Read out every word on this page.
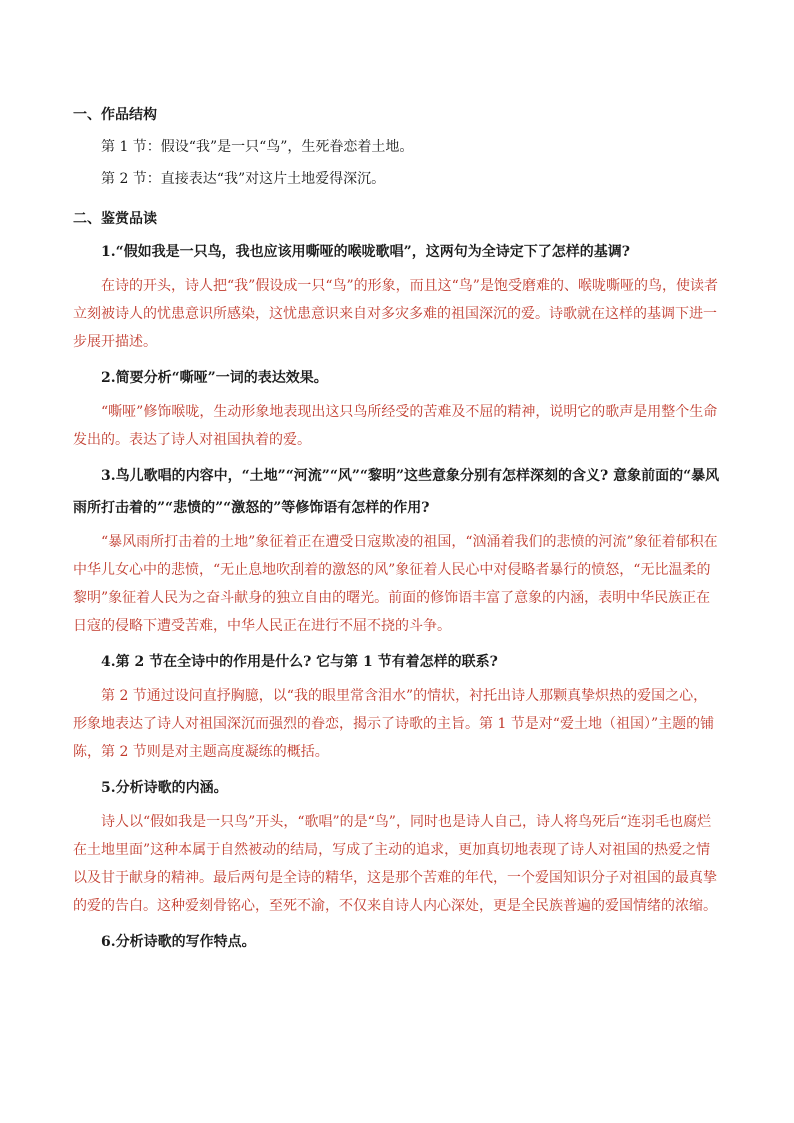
一、作品结构

第 1 节：假设“我”是一只“鸟”，生死眷恋着土地。

第 2 节：直接表达“我”对这片土地爱得深沉。

二、鉴赏品读

1.“假如我是一只鸟，我也应该用嘶哑的喉咙歌唱”，这两句为全诗定下了怎样的基调?

在诗的开头，诗人把“我”假设成一只“鸟”的形象，而且这“鸟”是饱受磨难的、喉咙嘶哑的鸟，使读者立刻被诗人的忧患意识所感染，这忧患意识来自对多灾多难的祖国深沉的爱。诗歌就在这样的基调下进一步展开描述。

2.简要分析“嘶哑”一词的表达效果。

“嘶哑”修饰喉咙，生动形象地表现出这只鸟所经受的苦难及不屈的精神，说明它的歌声是用整个生命发出的。表达了诗人对祖国执着的爱。

3.鸟儿歌唱的内容中，“土地”“河流”“风”“黎明”这些意象分别有怎样深刻的含义? 意象前面的“暴风雨所打击着的”“悲愤的”“激怒的”等修饰语有怎样的作用?

“暴风雨所打击着的土地”象征着正在遭受日寇欺凌的祖国，“汹涌着我们的悲愤的河流”象征着郁积在中华儿女心中的悲愤，“无止息地吹刮着的激怒的风”象征着人民心中对侵略者暴行的愤怒，“无比温柔的黎明”象征着人民为之奋斗献身的独立自由的曙光。前面的修饰语丰富了意象的内涵，表明中华民族正在日寇的侵略下遭受苦难，中华人民正在进行不屈不挠的斗争。

4.第 2 节在全诗中的作用是什么? 它与第 1 节有着怎样的联系?

第 2 节通过设问直抒胸臆，以“我的眼里常含泪水”的情状，衬托出诗人那颗真挚炽热的爱国之心，形象地表达了诗人对祖国深沉而强烈的眷恋，揭示了诗歌的主旨。第 1 节是对“爱土地（祖国）”主题的铺陈，第 2 节则是对主题高度凝练的概括。

5.分析诗歌的内涵。

诗人以“假如我是一只鸟”开头，“歌唱”的是“鸟”，同时也是诗人自己，诗人将鸟死后“连羽毛也腐烂在土地里面”这种本属于自然被动的结局，写成了主动的追求，更加真切地表现了诗人对祖国的热爱之情以及甘于献身的精神。最后两句是全诗的精华，这是那个苦难的年代，一个爱国知识分子对祖国的最真挚的爱的告白。这种爱刻骨铭心，至死不渝，不仅来自诗人内心深处，更是全民族普遍的爱国情绪的浓缩。

6.分析诗歌的写作特点。
